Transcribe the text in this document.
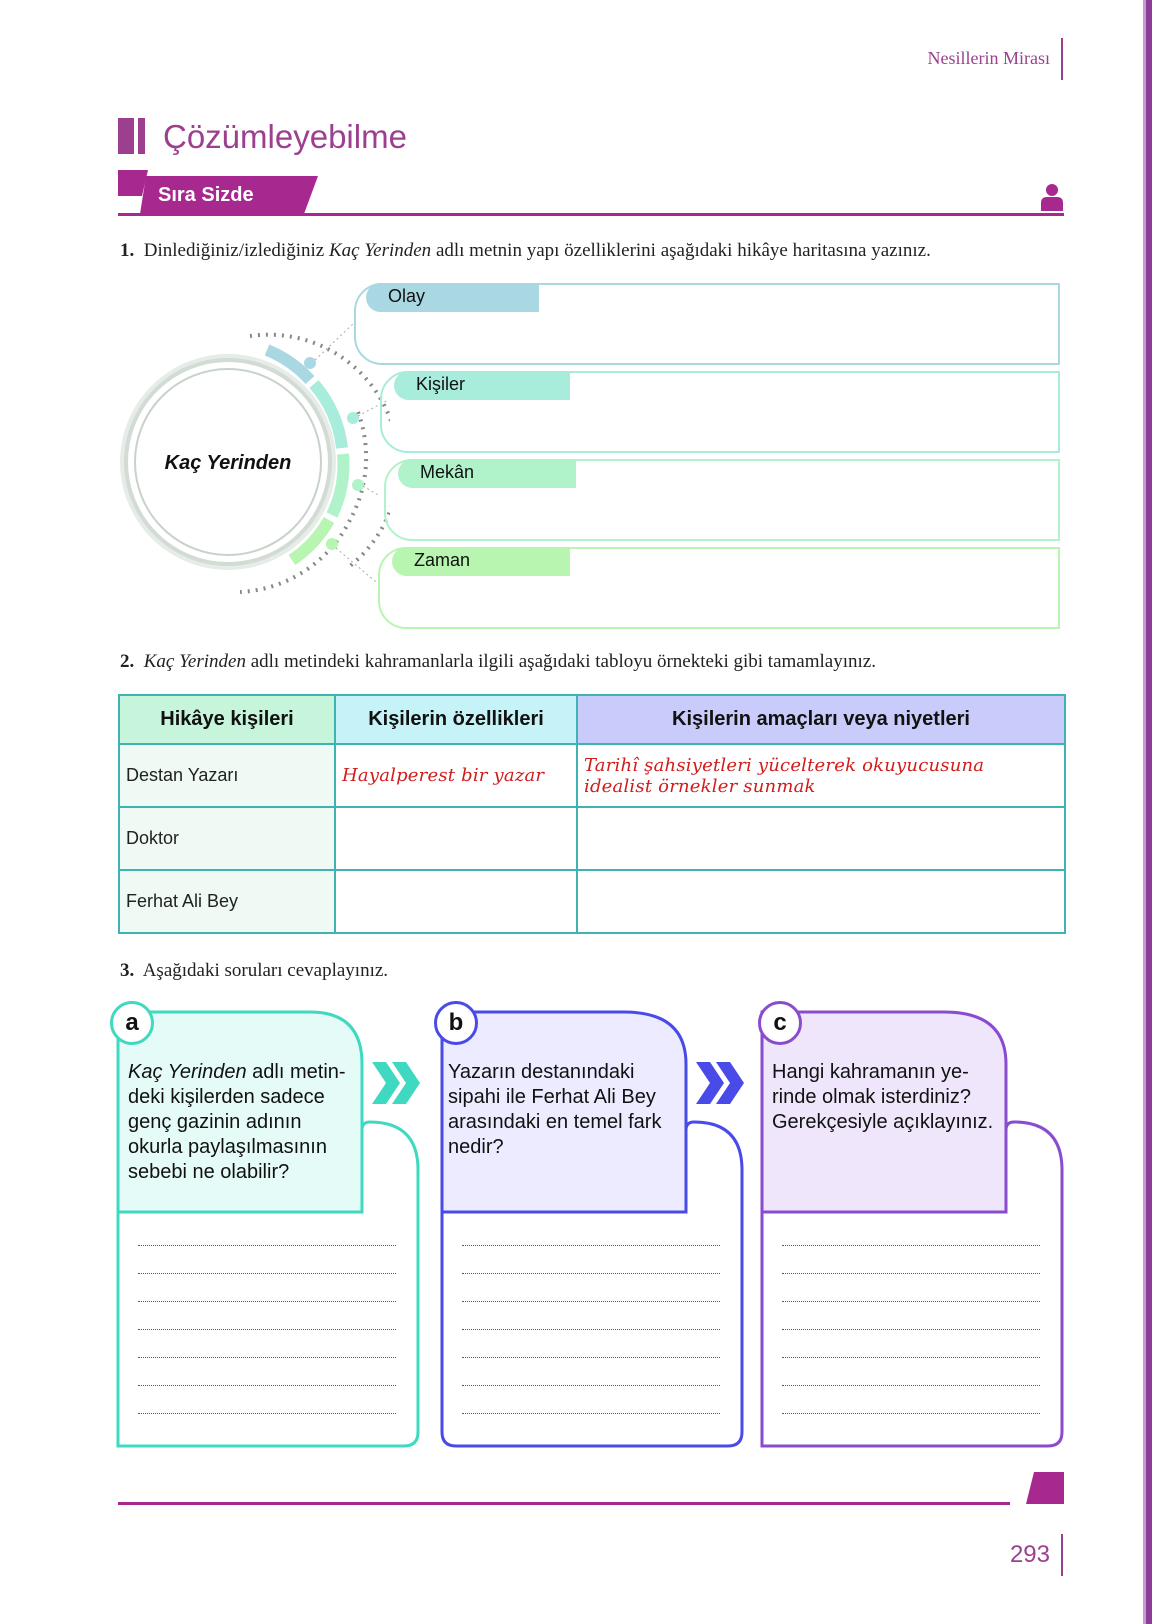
Nesillerin Mirası
Çözümleyebilme
Sıra Sizde
1. Dinlediğiniz/izlediğiniz Kaç Yerinden adlı metnin yapı özelliklerini aşağıdaki hikâye haritasına yazınız.
Kaç Yerinden
Olay
Kişiler
Mekân
Zaman
2. Kaç Yerinden adlı metindeki kahramanlarla ilgili aşağıdaki tabloyu örnekteki gibi tamamlayınız.
Hikâye kişileri	Kişilerin özellikleri	Kişilerin amaçları veya niyetleri
Destan Yazarı	Hayalperest bir yazar	Tarihî şahsiyetleri yücelterek okuyucusuna idealist örnekler sunmak
Doktor		
Ferhat Ali Bey		
3. Aşağıdaki soruları cevaplayınız.
a	b	c
Kaç Yerinden adlı metin-deki kişilerden sadece genç gazinin adının okurla paylaşılmasının sebebi ne olabilir?
Yazarın destanındaki sipahi ile Ferhat Ali Bey arasındaki en temel fark nedir?
Hangi kahramanın ye-rinde olmak isterdiniz? Gerekçesiyle açıklayınız.
293
